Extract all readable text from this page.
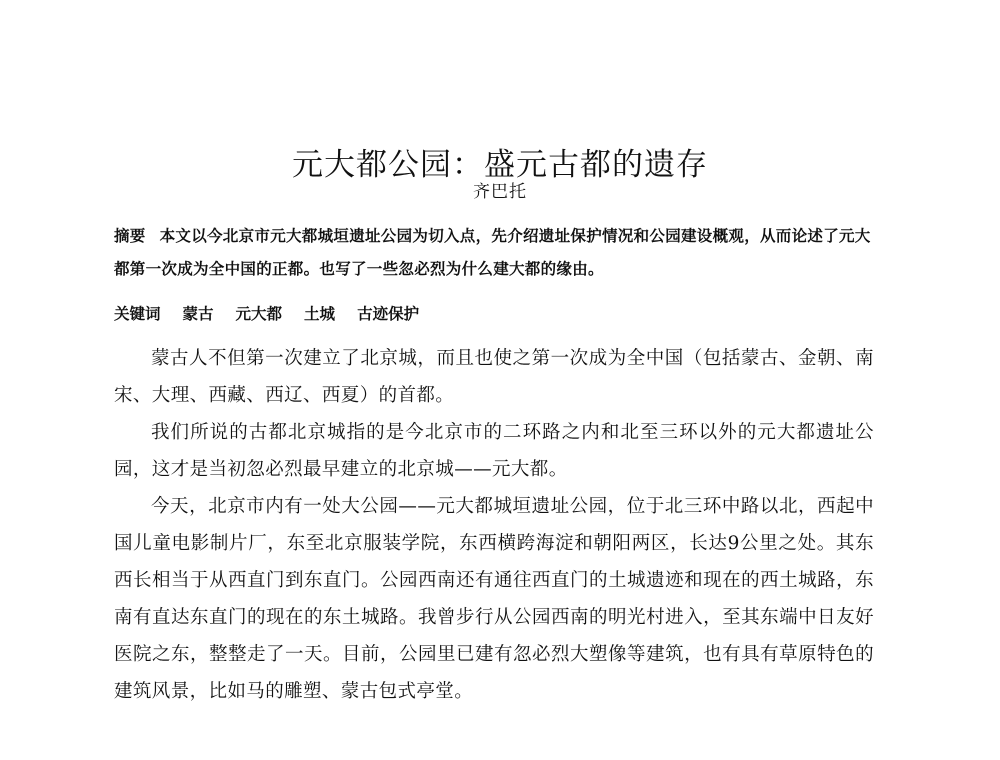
元大都公园：盛元古都的遗存
齐巴托
摘要 本文以今北京市元大都城垣遗址公园为切入点，先介绍遗址保护情况和公园建设概观，从而论述了元大都第一次成为全中国的正都。也写了一些忽必烈为什么建大都的缘由。
关键词 蒙古 元大都 土城 古迹保护

蒙古人不但第一次建立了北京城，而且也使之第一次成为全中国（包括蒙古、金朝、南宋、大理、西藏、西辽、西夏）的首都。

我们所说的古都北京城指的是今北京市的二环路之内和北至三环以外的元大都遗址公园，这才是当初忽必烈最早建立的北京城——元大都。

今天，北京市内有一处大公园——元大都城垣遗址公园，位于北三环中路以北，西起中国儿童电影制片厂，东至北京服装学院，东西横跨海淀和朝阳两区，长达9公里之处。其东西长相当于从西直门到东直门。公园西南还有通往西直门的土城遗迹和现在的西土城路，东南有直达东直门的现在的东土城路。我曾步行从公园西南的明光村进入，至其东端中日友好医院之东，整整走了一天。目前，公园里已建有忽必烈大塑像等建筑，也有具有草原特色的建筑风景，比如马的雕塑、蒙古包式亭堂。
